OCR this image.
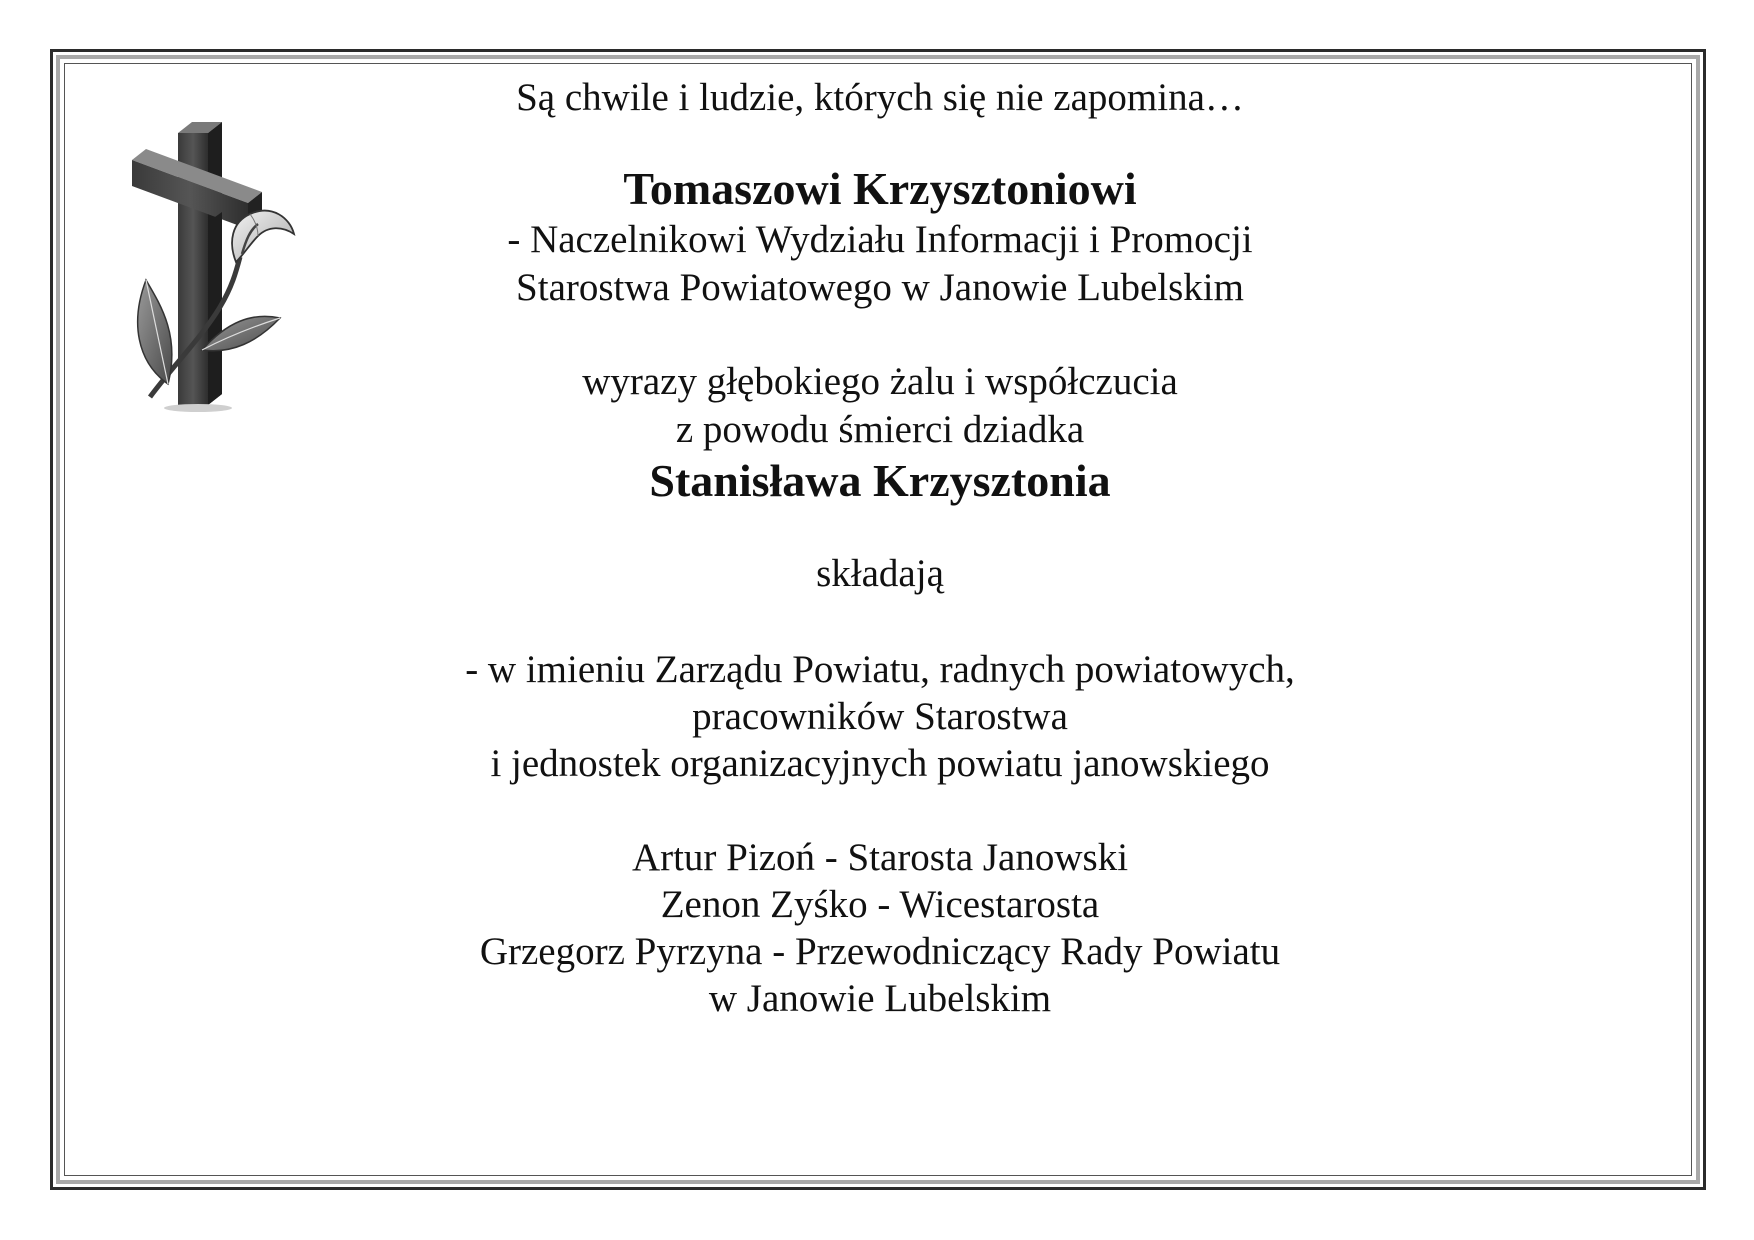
Są chwile i ludzie, których się nie zapomina…
Tomaszowi Krzysztoniowi
- Naczelnikowi Wydziału Informacji i Promocji
Starostwa Powiatowego w Janowie Lubelskim
wyrazy głębokiego żalu i współczucia
z powodu śmierci dziadka
Stanisława Krzysztonia
składają
- w imieniu Zarządu Powiatu, radnych powiatowych,
pracowników Starostwa
i jednostek organizacyjnych powiatu janowskiego
Artur Pizoń - Starosta Janowski
Zenon Zyśko - Wicestarosta
Grzegorz Pyrzyna - Przewodniczący Rady Powiatu
w Janowie Lubelskim
